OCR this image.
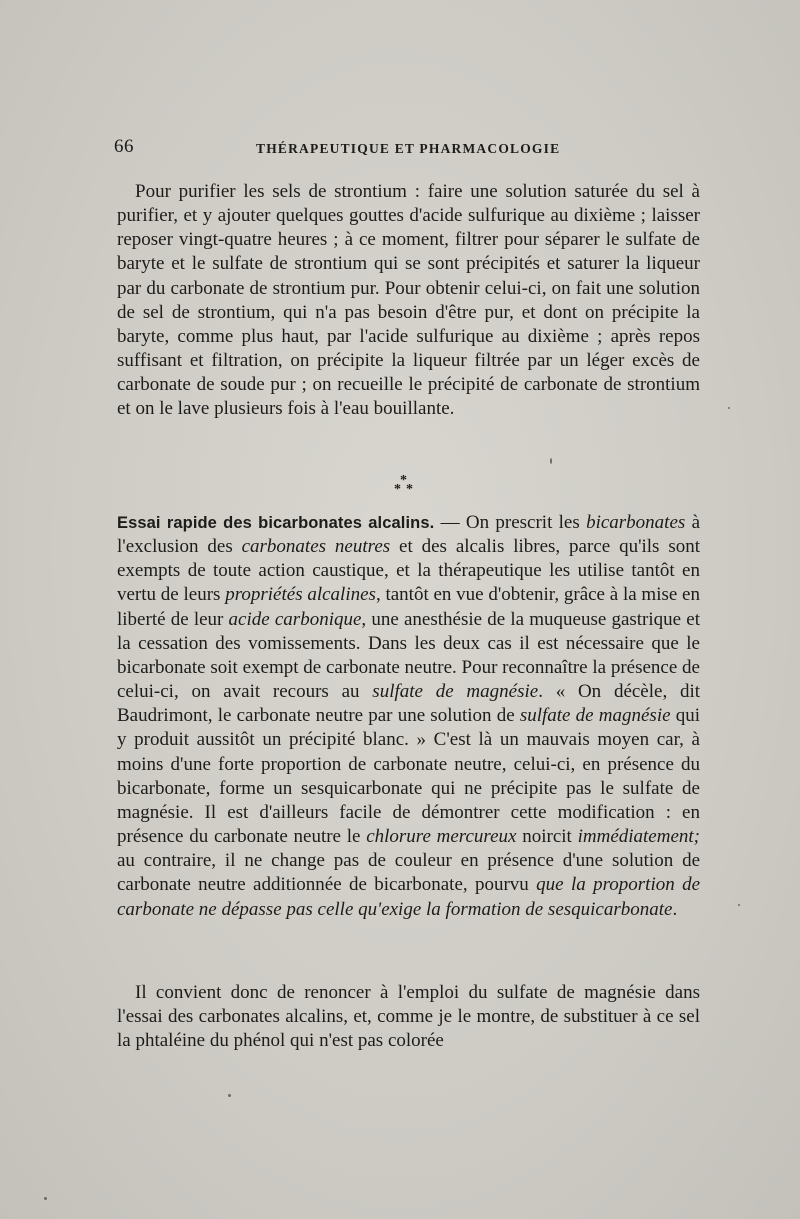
66	THÉRAPEUTIQUE ET PHARMACOLOGIE

Pour purifier les sels de strontium : faire une solution saturée du sel à purifier, et y ajouter quelques gouttes d'acide sulfurique au dixième ; laisser reposer vingt-quatre heures ; à ce moment, filtrer pour séparer le sulfate de baryte et le sulfate de strontium qui se sont précipités et saturer la liqueur par du carbonate de strontium pur. Pour obtenir celui-ci, on fait une solution de sel de strontium, qui n'a pas besoin d'être pur, et dont on précipite la baryte, comme plus haut, par l'acide sulfurique au dixième ; après repos suffisant et filtration, on précipite la liqueur filtrée par un léger excès de carbonate de soude pur ; on recueille le précipité de carbonate de strontium et on le lave plusieurs fois à l'eau bouillante.

*
* *

Essai rapide des bicarbonates alcalins. — On prescrit les bicarbonates à l'exclusion des carbonates neutres et des alcalis libres, parce qu'ils sont exempts de toute action caustique, et la thérapeutique les utilise tantôt en vertu de leurs propriétés alcalines, tantôt en vue d'obtenir, grâce à la mise en liberté de leur acide carbonique, une anesthésie de la muqueuse gastrique et la cessation des vomissements. Dans les deux cas il est nécessaire que le bicarbonate soit exempt de carbonate neutre. Pour reconnaître la présence de celui-ci, on avait recours au sulfate de magnésie. « On décèle, dit Baudrimont, le carbonate neutre par une solution de sulfate de magnésie qui y produit aussitôt un précipité blanc. » C'est là un mauvais moyen car, à moins d'une forte proportion de carbonate neutre, celui-ci, en présence du bicarbonate, forme un sesquicarbonate qui ne précipite pas le sulfate de magnésie. Il est d'ailleurs facile de démontrer cette modification : en présence du carbonate neutre le chlorure mercureux noircit immédiatement; au contraire, il ne change pas de couleur en présence d'une solution de carbonate neutre additionnée de bicarbonate, pourvu que la proportion de carbonate ne dépasse pas celle qu'exige la formation de sesquicarbonate.

Il convient donc de renoncer à l'emploi du sulfate de magnésie dans l'essai des carbonates alcalins, et, comme je le montre, de substituer à ce sel la phtaléine du phénol qui n'est pas colorée
